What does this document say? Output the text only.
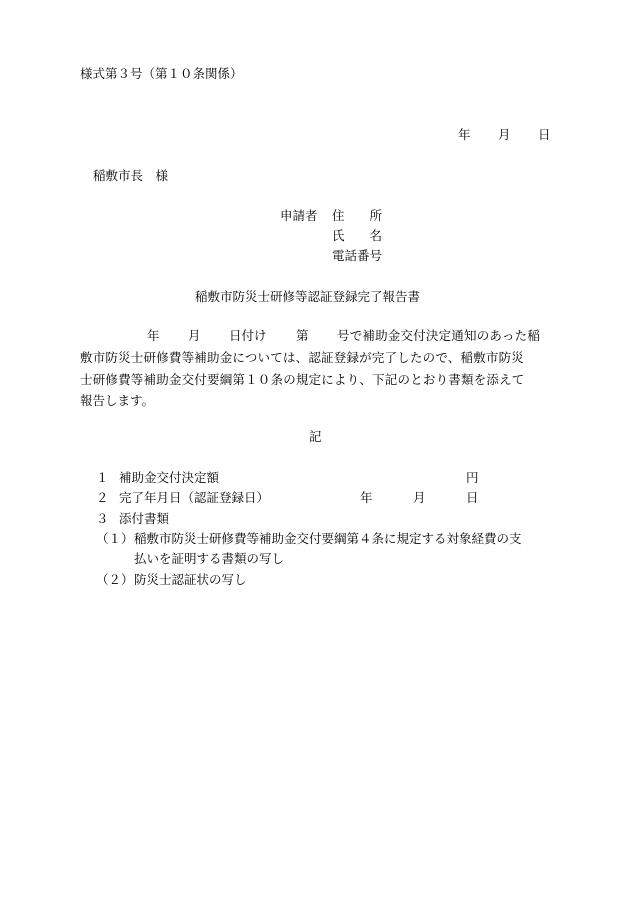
様式第３号（第１０条関係）
年 月 日
稲敷市長　様
申請者 住　　所
氏　　名
電話番号
稲敷市防災士研修等認証登録完了報告書
年 月 日付け 第 号で補助金交付決定通知のあった稲
敷市防災士研修費等補助金については、認証登録が完了したので、稲敷市防災
士研修費等補助金交付要綱第１０条の規定により、下記のとおり書類を添えて
報告します。
記
１ 補助金交付決定額	円
２ 完了年月日（認証登録日）	年	月	日
３ 添付書類
（１） 稲敷市防災士研修費等補助金交付要綱第４条に規定する対象経費の支
払いを証明する書類の写し
（２） 防災士認証状の写し
